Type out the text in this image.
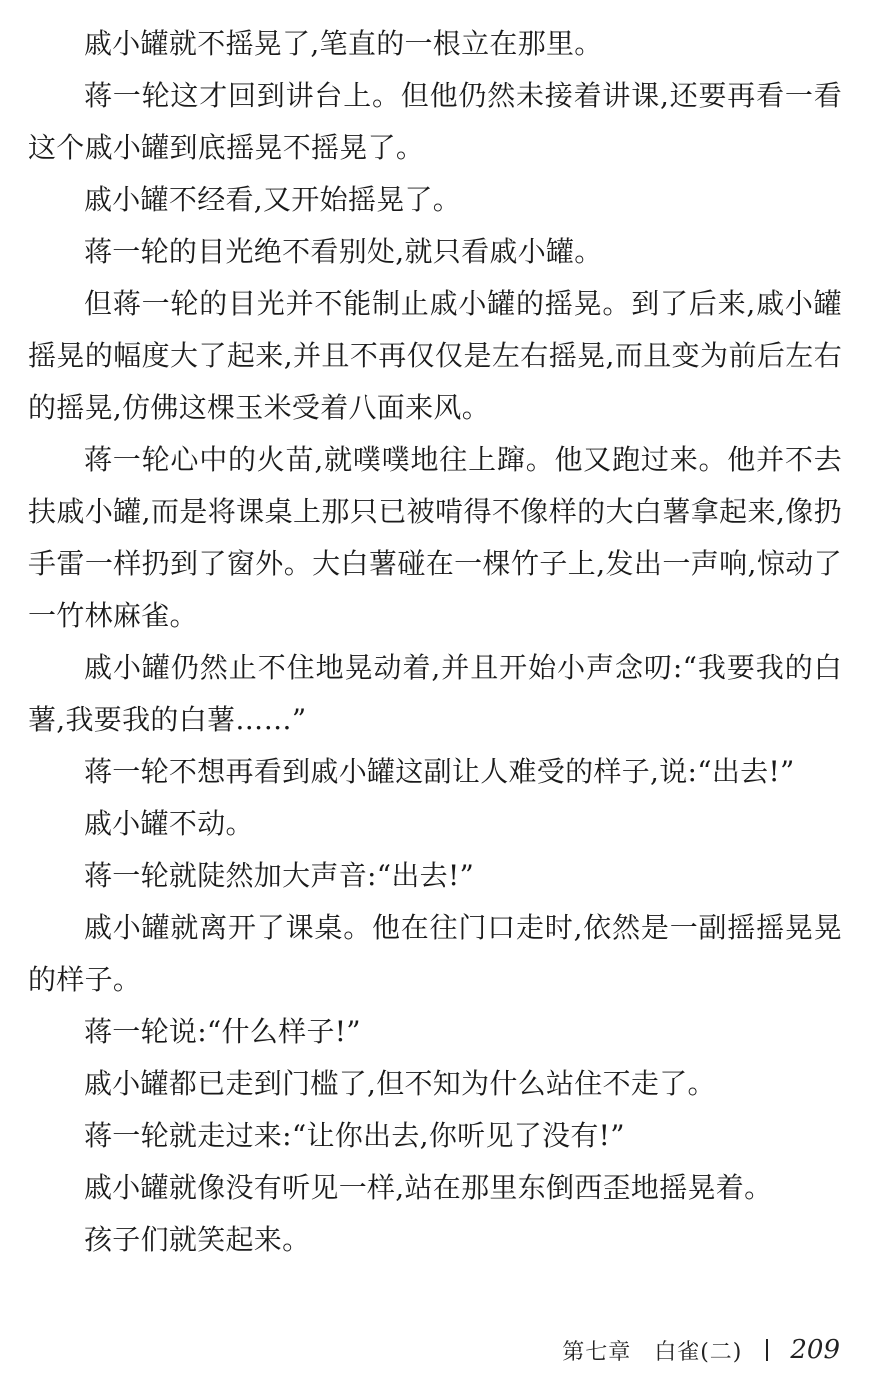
戚小罐就不摇晃了,笔直的一根立在那里。

蒋一轮这才回到讲台上。但他仍然未接着讲课,还要再看一看这个戚小罐到底摇晃不摇晃了。

戚小罐不经看,又开始摇晃了。

蒋一轮的目光绝不看别处,就只看戚小罐。

但蒋一轮的目光并不能制止戚小罐的摇晃。到了后来,戚小罐摇晃的幅度大了起来,并且不再仅仅是左右摇晃,而且变为前后左右的摇晃,仿佛这棵玉米受着八面来风。

蒋一轮心中的火苗,就噗噗地往上蹿。他又跑过来。他并不去扶戚小罐,而是将课桌上那只已被啃得不像样的大白薯拿起来,像扔手雷一样扔到了窗外。大白薯碰在一棵竹子上,发出一声响,惊动了一竹林麻雀。

戚小罐仍然止不住地晃动着,并且开始小声念叨:“我要我的白薯,我要我的白薯……”

蒋一轮不想再看到戚小罐这副让人难受的样子,说:“出去!”

戚小罐不动。

蒋一轮就陡然加大声音:“出去!”

戚小罐就离开了课桌。他在往门口走时,依然是一副摇摇晃晃的样子。

蒋一轮说:“什么样子!”

戚小罐都已走到门槛了,但不知为什么站住不走了。

蒋一轮就走过来:“让你出去,你听见了没有!”

戚小罐就像没有听见一样,站在那里东倒西歪地摇晃着。

孩子们就笑起来。

第七章　白雀(二) 209
